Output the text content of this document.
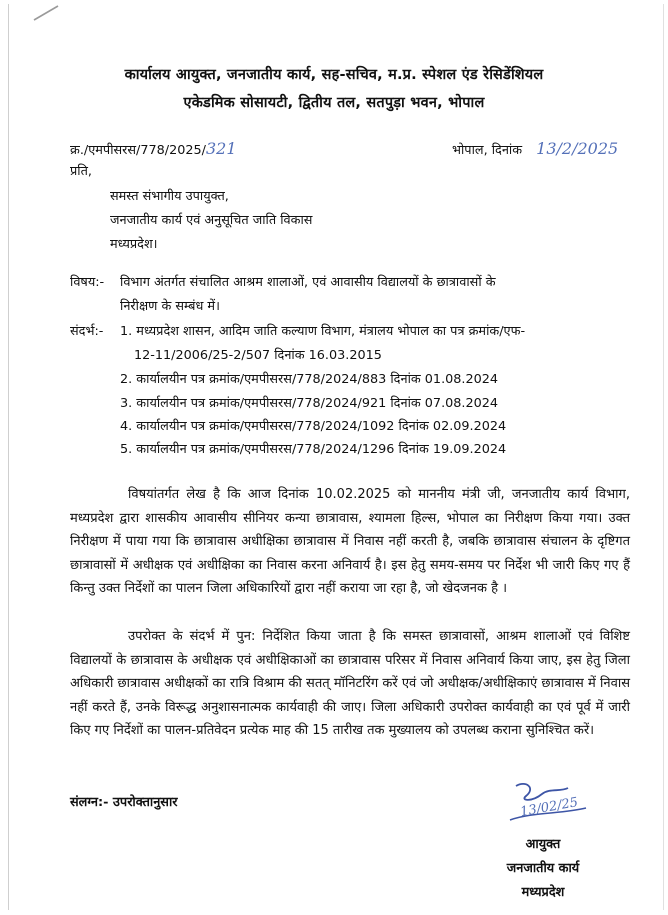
कार्यालय आयुक्त, जनजातीय कार्य, सह-सचिव, म.प्र. स्पेशल एंड रेसिडेंशियल
एकेडमिक सोसायटी, द्वितीय तल, सतपुड़ा भवन, भोपाल
क्र./एमपीसरस/778/2025/321	भोपाल, दिनांक 13/2/2025
प्रति,
समस्त संभागीय उपायुक्त,
जनजातीय कार्य एवं अनुसूचित जाति विकास
मध्यप्रदेश।
विषय:- विभाग अंतर्गत संचालित आश्रम शालाओं, एवं आवासीय विद्यालयों के छात्रावासों के
निरीक्षण के सम्बंध में।
संदर्भ:- 1. मध्यप्रदेश शासन, आदिम जाति कल्याण विभाग, मंत्रालय भोपाल का पत्र क्रमांक/एफ-
12-11/2006/25-2/507 दिनांक 16.03.2015
2. कार्यालयीन पत्र क्रमांक/एमपीसरस/778/2024/883 दिनांक 01.08.2024
3. कार्यालयीन पत्र क्रमांक/एमपीसरस/778/2024/921 दिनांक 07.08.2024
4. कार्यालयीन पत्र क्रमांक/एमपीसरस/778/2024/1092 दिनांक 02.09.2024
5. कार्यालयीन पत्र क्रमांक/एमपीसरस/778/2024/1296 दिनांक 19.09.2024
विषयांतर्गत लेख है कि आज दिनांक 10.02.2025 को माननीय मंत्री जी, जनजातीय कार्य विभाग, मध्यप्रदेश द्वारा शासकीय आवासीय सीनियर कन्या छात्रावास, श्यामला हिल्स, भोपाल का निरीक्षण किया गया। उक्त निरीक्षण में पाया गया कि छात्रावास अधीक्षिका छात्रावास में निवास नहीं करती है, जबकि छात्रावास संचालन के दृष्टिगत छात्रावासों में अधीक्षक एवं अधीक्षिका का निवास करना अनिवार्य है। इस हेतु समय-समय पर निर्देश भी जारी किए गए हैं किन्तु उक्त निर्देशों का पालन जिला अधिकारियों द्वारा नहीं कराया जा रहा है, जो खेदजनक है ।
उपरोक्त के संदर्भ में पुन: निर्देशित किया जाता है कि समस्त छात्रावासों, आश्रम शालाओं एवं विशिष्ट विद्यालयों के छात्रावास के अधीक्षक एवं अधीक्षिकाओं का छात्रावास परिसर में निवास अनिवार्य किया जाए, इस हेतु जिला अधिकारी छात्रावास अधीक्षकों का रात्रि विश्राम की सतत् मॉनिटरिंग करें एवं जो अधीक्षक/अधीक्षिकाएं छात्रावास में निवास नहीं करते हैं, उनके विरूद्ध अनुशासनात्मक कार्यवाही की जाए। जिला अधिकारी उपरोक्त कार्यवाही का एवं पूर्व में जारी किए गए निर्देशों का पालन-प्रतिवेदन प्रत्येक माह की 15 तारीख तक मुख्यालय को उपलब्ध कराना सुनिश्चित करें।
संलग्न:- उपरोक्तानुसार	13/02/25
आयुक्त
जनजातीय कार्य
मध्यप्रदेश
